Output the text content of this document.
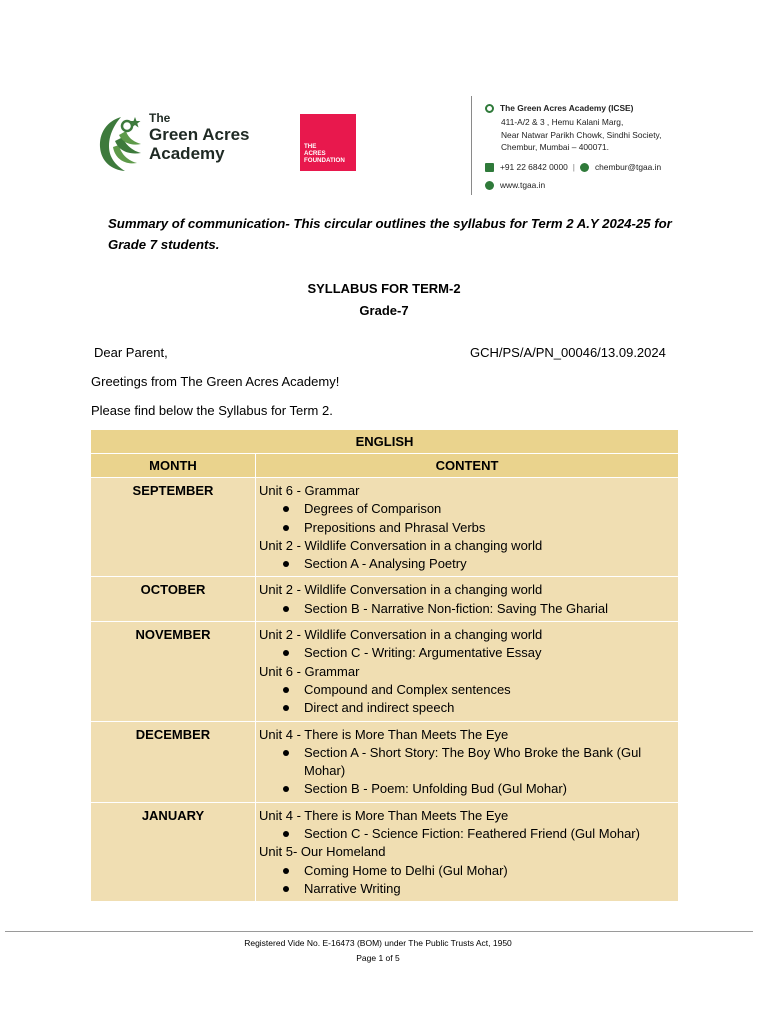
The
Green Acres
Academy	THE
ACRES
FOUNDATION
The Green Acres Academy (ICSE)
411-A/2 & 3 , Hemu Kalani Marg,
Near Natwar Parikh Chowk, Sindhi Society,
Chembur, Mumbai – 400071.
+91 22 6842 0000 | chembur@tgaa.in
www.tgaa.in
Summary of communication- This circular outlines the syllabus for Term 2 A.Y 2024-25 for Grade 7 students.
SYLLABUS FOR TERM-2
Grade-7
Dear Parent,	GCH/PS/A/PN_00046/13.09.2024
Greetings from The Green Acres Academy!
Please find below the Syllabus for Term 2.
ENGLISH	
MONTH	CONTENT
SEPTEMBER	Unit 6 - Grammar
Degrees of Comparison
Prepositions and Phrasal Verbs
Unit 2 - Wildlife Conversation in a changing world
Section A - Analysing Poetry

OCTOBER	Unit 2 - Wildlife Conversation in a changing world
Section B - Narrative Non-fiction: Saving The Gharial

NOVEMBER	Unit 2 - Wildlife Conversation in a changing world
Section C - Writing: Argumentative Essay
Unit 6 - Grammar
Compound and Complex sentences
Direct and indirect speech

DECEMBER	Unit 4 - There is More Than Meets The Eye
Section A - Short Story: The Boy Who Broke the Bank (Gul Mohar)
Section B - Poem: Unfolding Bud (Gul Mohar)

JANUARY	Unit 4 - There is More Than Meets The Eye
Section C - Science Fiction: Feathered Friend (Gul Mohar)
Unit 5- Our Homeland
Coming Home to Delhi (Gul Mohar)
Narrative Writing
Registered Vide No. E-16473 (BOM) under The Public Trusts Act, 1950
Page 1 of 5
